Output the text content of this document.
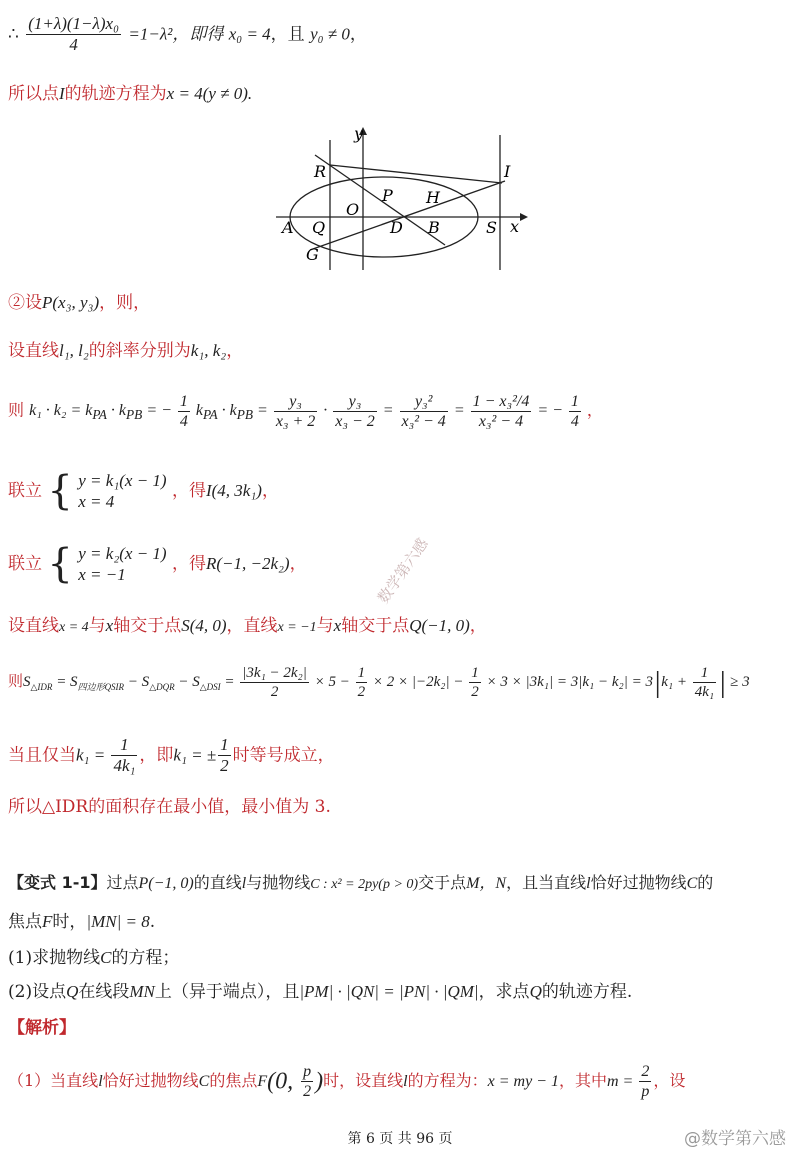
∴ $\frac{\text{(1+λ)(1−λ)x₀}}{4} =1-\lambda^2$，即得 x₀ = 4，且 y₀ ≠ 0，
所以点I的轨迹方程为x = 4(y ≠ 0).
y
x
R	I
P H
O
A Q	D B	S
G
②设P(x₃, y₃)，则，
设直线l₁, l₂的斜率分别为k₁, k₂，
则 $k_1 \cdot k_2 = k_{PA} \cdot k_{PB}$ = − $\frac{1}{4} k_{PA} \cdot k_{PB} = \frac{\text{y₃}}{\text{x₃ + 2}} \cdot \frac{\text{y₃}}{\text{x₃ − 2}} = \frac{\text{y₃²}}{\text{x₃² − 4}} = \frac{\text{1 − x₃²/4}}{\text{x₃² − 4}}$ = − $\frac{1}{4}$ ，
联立 { y = k₁(x − 1)
x = 4
，得I(4, 3k₁)，
联立 { y = k₂(x − 1)
x = −1
，得R(−1, −2k₂)，	数学第六感
设直线x = 4与x轴交于点S(4, 0)，直线x = −1与x轴交于点Q(−1, 0)，
则$S_{\triangle IDR} = S_{四边形QSIR} - S_{\triangle DQR} - S_{\triangle DSI} = \frac{\text{|3k₁ − 2k₂|}}{2} \times 5 - \frac{1}{2} \times 2 \times |-2k_2| - \frac{1}{2} \times 3 \times |3k_1| = 3|k_1 - k_2| = 3|k_1 + \frac{1}{\text{4k₁}}$ | ≥ 3
当且仅当$k_1 = \frac{1}{\text{4k₁}}$ ，即k₁ = ± $\frac{1}{2}$ 时等号成立，
所以△IDR的面积存在最小值，最小值为 3.
【变式 1-1】过点P(−1, 0)的直线l与抛物线C : x² = 2py(p > 0)交于点M，N，且当直线l恰好过抛物线C的
焦点F时，|MN| = 8.
(1)求抛物线C的方程；
(2)设点Q在线段MN上（异于端点），且|PM| · |QN| = |PN| · |QM|，求点Q的轨迹方程.
【解析】
（1）当直线l恰好过抛物线C的焦点F(0, $\frac{p}{2}$ )时，设直线l的方程为：x = my − 1，其中$m = \frac{2}{p}$ ，设
第 6 页 共 96 页	@数学第六感
